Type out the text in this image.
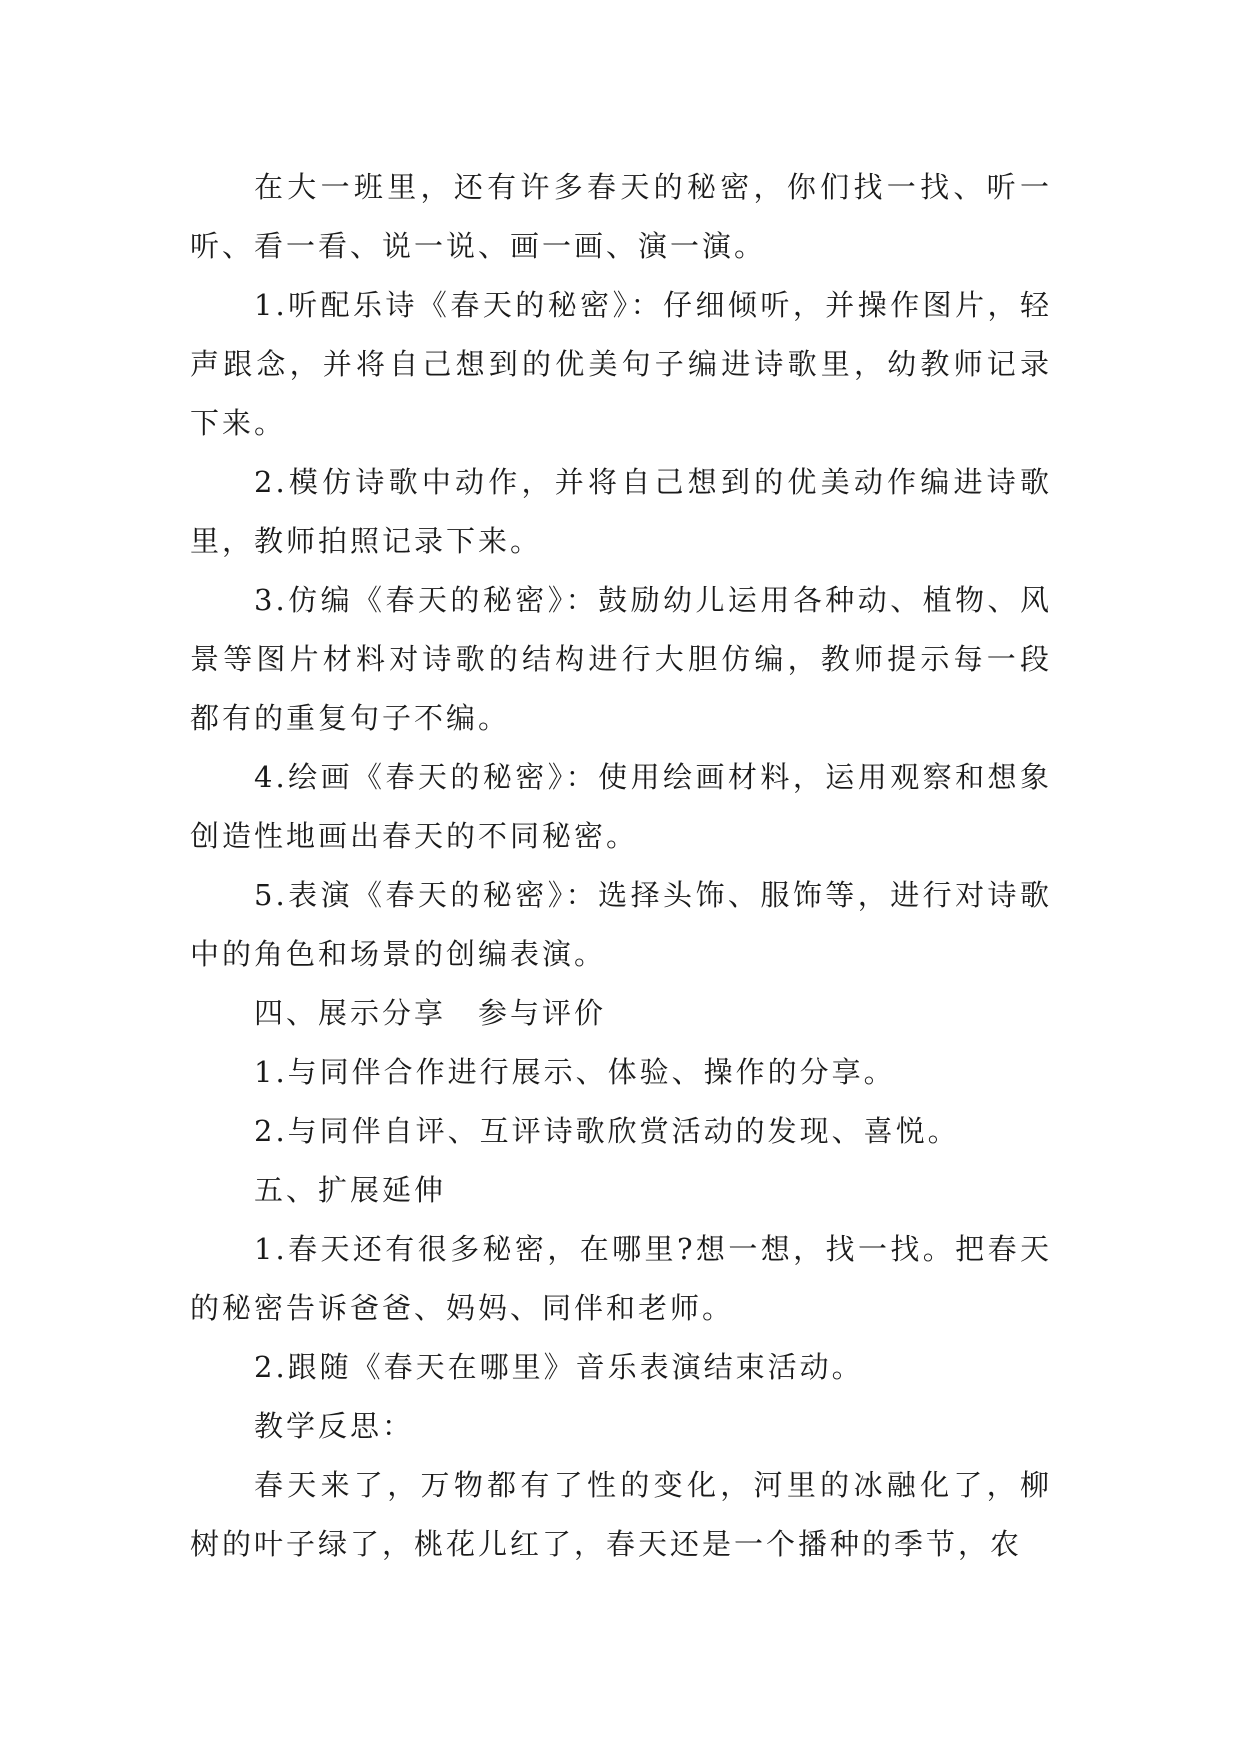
在大一班里，还有许多春天的秘密，你们找一找、听一听、看一看、说一说、画一画、演一演。

1.听配乐诗《春天的秘密》：仔细倾听，并操作图片，轻声跟念，并将自己想到的优美句子编进诗歌里，幼教师记录下来。

2.模仿诗歌中动作，并将自己想到的优美动作编进诗歌里，教师拍照记录下来。

3.仿编《春天的秘密》：鼓励幼儿运用各种动、植物、风景等图片材料对诗歌的结构进行大胆仿编，教师提示每一段都有的重复句子不编。

4.绘画《春天的秘密》：使用绘画材料，运用观察和想象创造性地画出春天的不同秘密。

5.表演《春天的秘密》：选择头饰、服饰等，进行对诗歌中的角色和场景的创编表演。

四、展示分享　参与评价

1.与同伴合作进行展示、体验、操作的分享。

2.与同伴自评、互评诗歌欣赏活动的发现、喜悦。

五、扩展延伸

1.春天还有很多秘密，在哪里?想一想，找一找。把春天的秘密告诉爸爸、妈妈、同伴和老师。

2.跟随《春天在哪里》音乐表演结束活动。

教学反思：

春天来了，万物都有了性的变化，河里的冰融化了，柳树的叶子绿了，桃花儿红了，春天还是一个播种的季节，农
